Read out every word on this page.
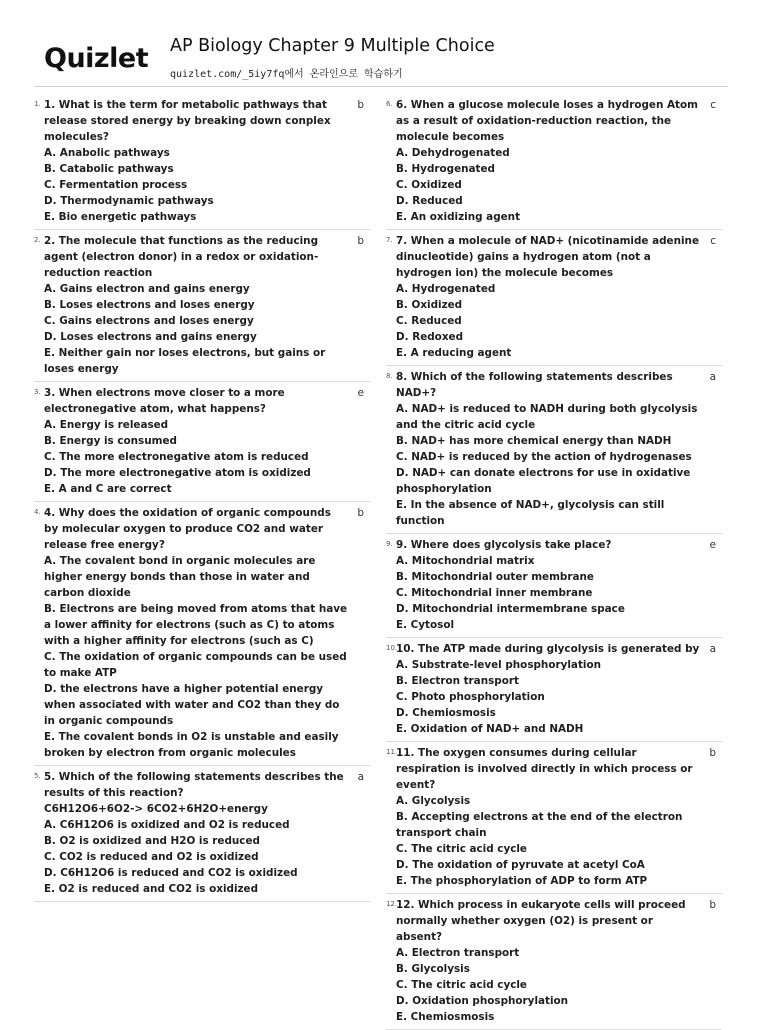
Quizlet AP Biology Chapter 9 Multiple Choice
quizlet.com/_5iy7fq에서 온라인으로 학습하기
1.	b
1. What is the term for metabolic pathways that release stored energy by breaking down conplex molecules?
A. Anabolic pathways
B. Catabolic pathways
C. Fermentation process
D. Thermodynamic pathways
E. Bio energetic pathways
2.	b
2. The molecule that functions as the reducing agent (electron donor) in a redox or oxidation-reduction reaction
A. Gains electron and gains energy
B. Loses electrons and loses energy
C. Gains electrons and loses energy
D. Loses electrons and gains energy
E. Neither gain nor loses electrons, but gains or loses energy
3.	e
3. When electrons move closer to a more electronegative atom, what happens?
A. Energy is released
B. Energy is consumed
C. The more electronegative atom is reduced
D. The more electronegative atom is oxidized
E. A and C are correct
4.	b
4. Why does the oxidation of organic compounds by molecular oxygen to produce CO2 and water release free energy?
A. The covalent bond in organic molecules are higher energy bonds than those in water and carbon dioxide
B. Electrons are being moved from atoms that have a lower affinity for electrons (such as C) to atoms with a higher affinity for electrons (such as C)
C. The oxidation of organic compounds can be used to make ATP
D. the electrons have a higher potential energy when associated with water and CO2 than they do in organic compounds
E. The covalent bonds in O2 is unstable and easily broken by electron from organic molecules
5.	a
5. Which of the following statements describes the results of this reaction?
C6H12O6+6O2-> 6CO2+6H2O+energy
A. C6H12O6 is oxidized and O2 is reduced
B. O2 is oxidized and H2O is reduced
C. CO2 is reduced and O2 is oxidized
D. C6H12O6 is reduced and CO2 is oxidized
E. O2 is reduced and CO2 is oxidized
6.	c
6. When a glucose molecule loses a hydrogen Atom as a result of oxidation-reduction reaction, the molecule becomes
A. Dehydrogenated
B. Hydrogenated
C. Oxidized
D. Reduced
E. An oxidizing agent
7.	c
7. When a molecule of NAD+ (nicotinamide adenine dinucleotide) gains a hydrogen atom (not a hydrogen ion) the molecule becomes
A. Hydrogenated
B. Oxidized
C. Reduced
D. Redoxed
E. A reducing agent
8.	a
8. Which of the following statements describes NAD+?
A. NAD+ is reduced to NADH during both glycolysis and the citric acid cycle
B. NAD+ has more chemical energy than NADH
C. NAD+ is reduced by the action of hydrogenases
D. NAD+ can donate electrons for use in oxidative phosphorylation
E. In the absence of NAD+, glycolysis can still function
9.	e
9. Where does glycolysis take place?
A. Mitochondrial matrix
B. Mitochondrial outer membrane
C. Mitochondrial inner membrane
D. Mitochondrial intermembrane space
E. Cytosol
10.	a
10. The ATP made during glycolysis is generated by
A. Substrate-level phosphorylation
B. Electron transport
C. Photo phosphorylation
D. Chemiosmosis
E. Oxidation of NAD+ and NADH
11.	b
11. The oxygen consumes during cellular respiration is involved directly in which process or event?
A. Glycolysis
B. Accepting electrons at the end of the electron transport chain
C. The citric acid cycle
D. The oxidation of pyruvate at acetyl CoA
E. The phosphorylation of ADP to form ATP
12.	b
12. Which process in eukaryote cells will proceed normally whether oxygen (O2) is present or absent?
A. Electron transport
B. Glycolysis
C. The citric acid cycle
D. Oxidation phosphorylation
E. Chemiosmosis
